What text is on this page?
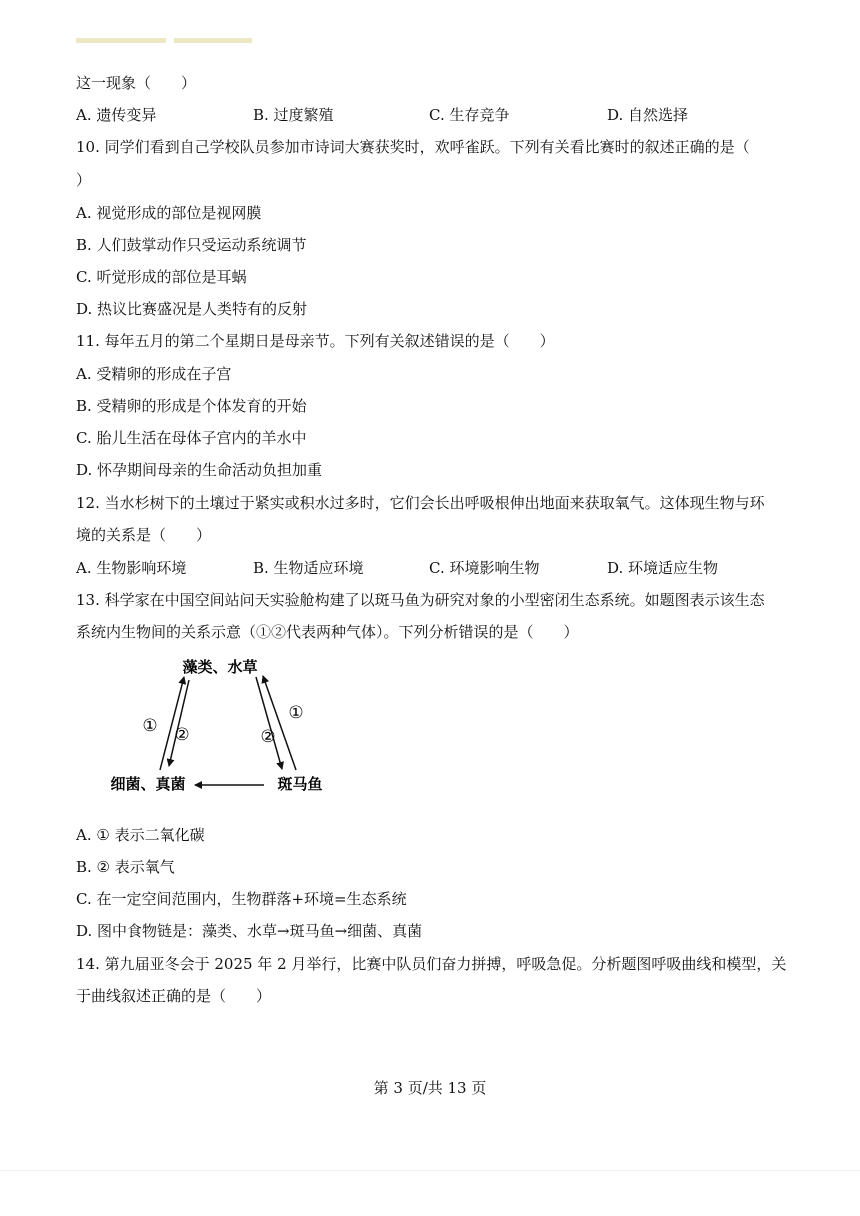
这一现象（　　）
A. 遗传变异	B. 过度繁殖	C. 生存竞争	D. 自然选择
10. 同学们看到自己学校队员参加市诗词大赛获奖时，欢呼雀跃。下列有关看比赛时的叙述正确的是（
）
A. 视觉形成的部位是视网膜
B. 人们鼓掌动作只受运动系统调节
C. 听觉形成的部位是耳蜗
D. 热议比赛盛况是人类特有的反射
11. 每年五月的第二个星期日是母亲节。下列有关叙述错误的是（　　）
A. 受精卵的形成在子宫
B. 受精卵的形成是个体发育的开始
C. 胎儿生活在母体子宫内的羊水中
D. 怀孕期间母亲的生命活动负担加重
12. 当水杉树下的土壤过于紧实或积水过多时，它们会长出呼吸根伸出地面来获取氧气。这体现生物与环
境的关系是（　　）
A. 生物影响环境	B. 生物适应环境	C. 环境影响生物	D. 环境适应生物
13. 科学家在中国空间站问天实验舱构建了以斑马鱼为研究对象的小型密闭生态系统。如题图表示该生态
系统内生物间的关系示意（①②代表两种气体）。下列分析错误的是（　　）
藻类、水草
细菌、真菌	斑马鱼
① ②	②
①
A. ① 表示二氧化碳
B. ② 表示氧气
C. 在一定空间范围内，生物群落+环境=生态系统
D. 图中食物链是：藻类、水草→斑马鱼→细菌、真菌
14. 第九届亚冬会于 2025 年 2 月举行，比赛中队员们奋力拼搏，呼吸急促。分析题图呼吸曲线和模型，关
于曲线叙述正确的是（　　）
第 3 页/共 13 页
